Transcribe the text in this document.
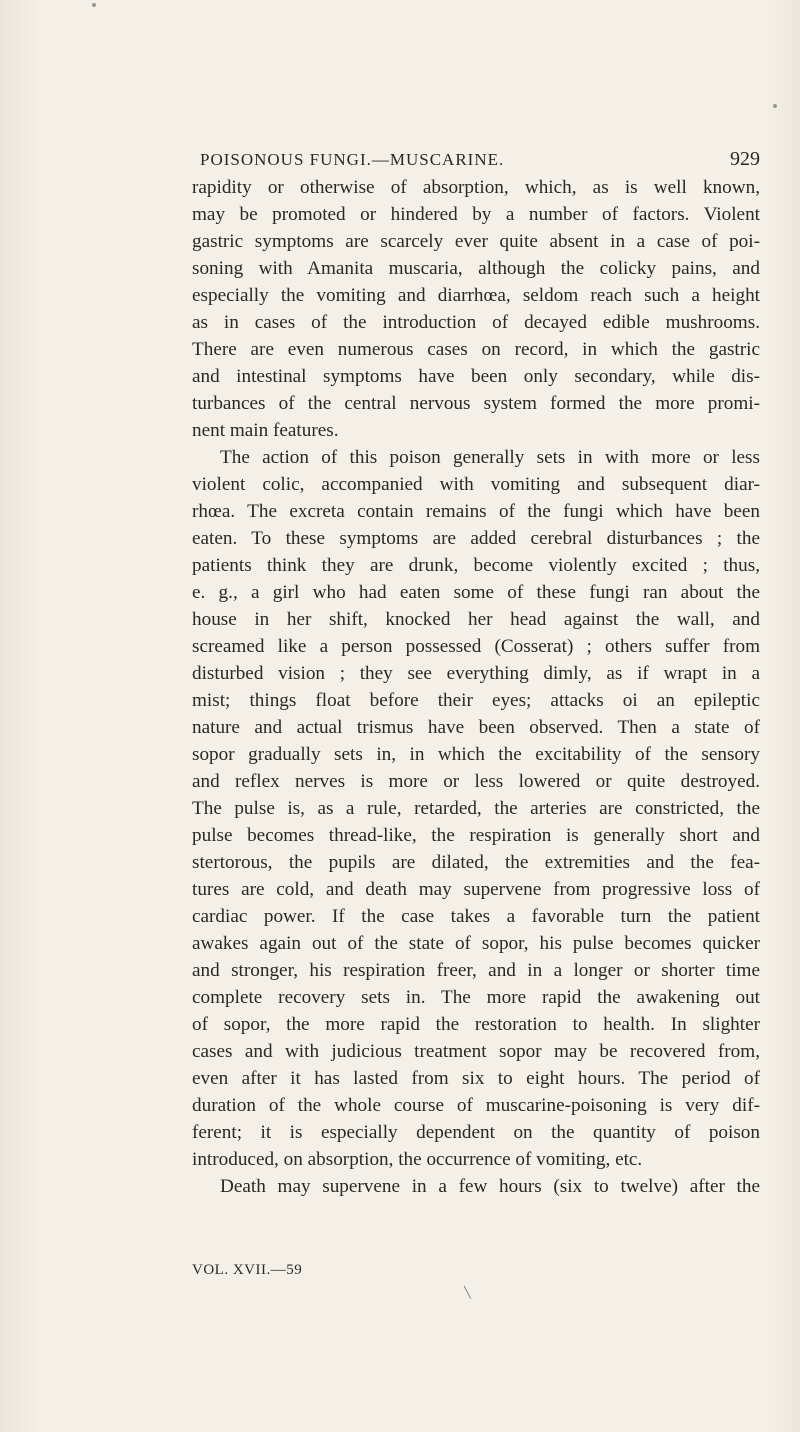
POISONOUS FUNGI.—MUSCARINE.	929
rapidity or otherwise of absorption, which, as is well known,
may be promoted or hindered by a number of factors. Violent
gastric symptoms are scarcely ever quite absent in a case of poi-
soning with Amanita muscaria, although the colicky pains, and
especially the vomiting and diarrhœa, seldom reach such a height
as in cases of the introduction of decayed edible mushrooms.
There are even numerous cases on record, in which the gastric
and intestinal symptoms have been only secondary, while dis-
turbances of the central nervous system formed the more promi-
nent main features.
The action of this poison generally sets in with more or less
violent colic, accompanied with vomiting and subsequent diar-
rhœa. The excreta contain remains of the fungi which have been
eaten. To these symptoms are added cerebral disturbances ; the
patients think they are drunk, become violently excited ; thus,
e. g., a girl who had eaten some of these fungi ran about the
house in her shift, knocked her head against the wall, and
screamed like a person possessed (Cosserat) ; others suffer from
disturbed vision ; they see everything dimly, as if wrapt in a
mist; things float before their eyes; attacks oi an epileptic
nature and actual trismus have been observed. Then a state of
sopor gradually sets in, in which the excitability of the sensory
and reflex nerves is more or less lowered or quite destroyed.
The pulse is, as a rule, retarded, the arteries are constricted, the
pulse becomes thread-like, the respiration is generally short and
stertorous, the pupils are dilated, the extremities and the fea-
tures are cold, and death may supervene from progressive loss of
cardiac power. If the case takes a favorable turn the patient
awakes again out of the state of sopor, his pulse becomes quicker
and stronger, his respiration freer, and in a longer or shorter time
complete recovery sets in. The more rapid the awakening out
of sopor, the more rapid the restoration to health. In slighter
cases and with judicious treatment sopor may be recovered from,
even after it has lasted from six to eight hours. The period of
duration of the whole course of muscarine-poisoning is very dif-
ferent; it is especially dependent on the quantity of poison
introduced, on absorption, the occurrence of vomiting, etc.
Death may supervene in a few hours (six to twelve) after the
VOL. XVII.—59
╲
